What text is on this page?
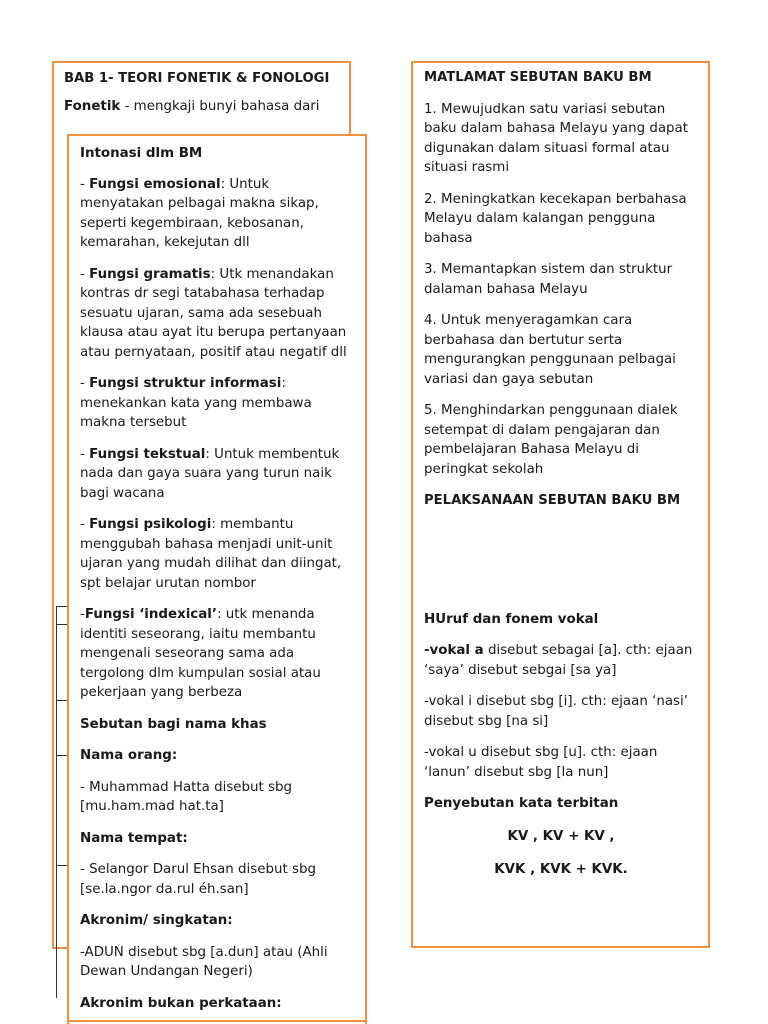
BAB 1- TEORI FONETIK & FONOLOGI

Fonetik - mengkaji bunyi bahasa dari

Intonasi dlm BM

- Fungsi emosional: Untuk menyatakan pelbagai makna sikap, seperti kegembiraan, kebosanan, kemarahan, kekejutan dll

- Fungsi gramatis: Utk menandakan kontras dr segi tatabahasa terhadap sesuatu ujaran, sama ada sesebuah klausa atau ayat itu berupa pertanyaan atau pernyataan, positif atau negatif dll

- Fungsi struktur informasi: menekankan kata yang membawa makna tersebut

- Fungsi tekstual: Untuk membentuk nada dan gaya suara yang turun naik bagi wacana

- Fungsi psikologi: membantu menggubah bahasa menjadi unit-unit ujaran yang mudah dilihat dan diingat, spt belajar urutan nombor

-Fungsi ‘indexical’: utk menanda identiti seseorang, iaitu membantu mengenali seseorang sama ada tergolong dlm kumpulan sosial atau pekerjaan yang berbeza

Sebutan bagi nama khas

Nama orang:

- Muhammad Hatta disebut sbg [mu.ham.mad hat.ta]

Nama tempat:

- Selangor Darul Ehsan disebut sbg [se.la.ngor da.rul éh.san]

Akronim/ singkatan:

-ADUN disebut sbg [a.dun] atau (Ahli Dewan Undangan Negeri)

Akronim bukan perkataan:

MATLAMAT SEBUTAN BAKU BM

1. Mewujudkan satu variasi sebutan baku dalam bahasa Melayu yang dapat digunakan dalam situasi formal atau situasi rasmi

2. Meningkatkan kecekapan berbahasa Melayu dalam kalangan pengguna bahasa

3. Memantapkan sistem dan struktur dalaman bahasa Melayu

4. Untuk menyeragamkan cara berbahasa dan bertutur serta mengurangkan penggunaan pelbagai variasi dan gaya sebutan

5. Menghindarkan penggunaan dialek setempat di dalam pengajaran dan pembelajaran Bahasa Melayu di peringkat sekolah

PELAKSANAAN SEBUTAN BAKU BM

HUruf dan fonem vokal

-vokal a disebut sebagai [a]. cth: ejaan ‘saya’ disebut sebgai [sa ya]

-vokal i disebut sbg [i]. cth: ejaan ‘nasi’ disebut sbg [na si]

-vokal u disebut sbg [u]. cth: ejaan ‘lanun’ disebut sbg [la nun]

Penyebutan kata terbitan

KV , KV + KV ,

KVK , KVK + KVK.
